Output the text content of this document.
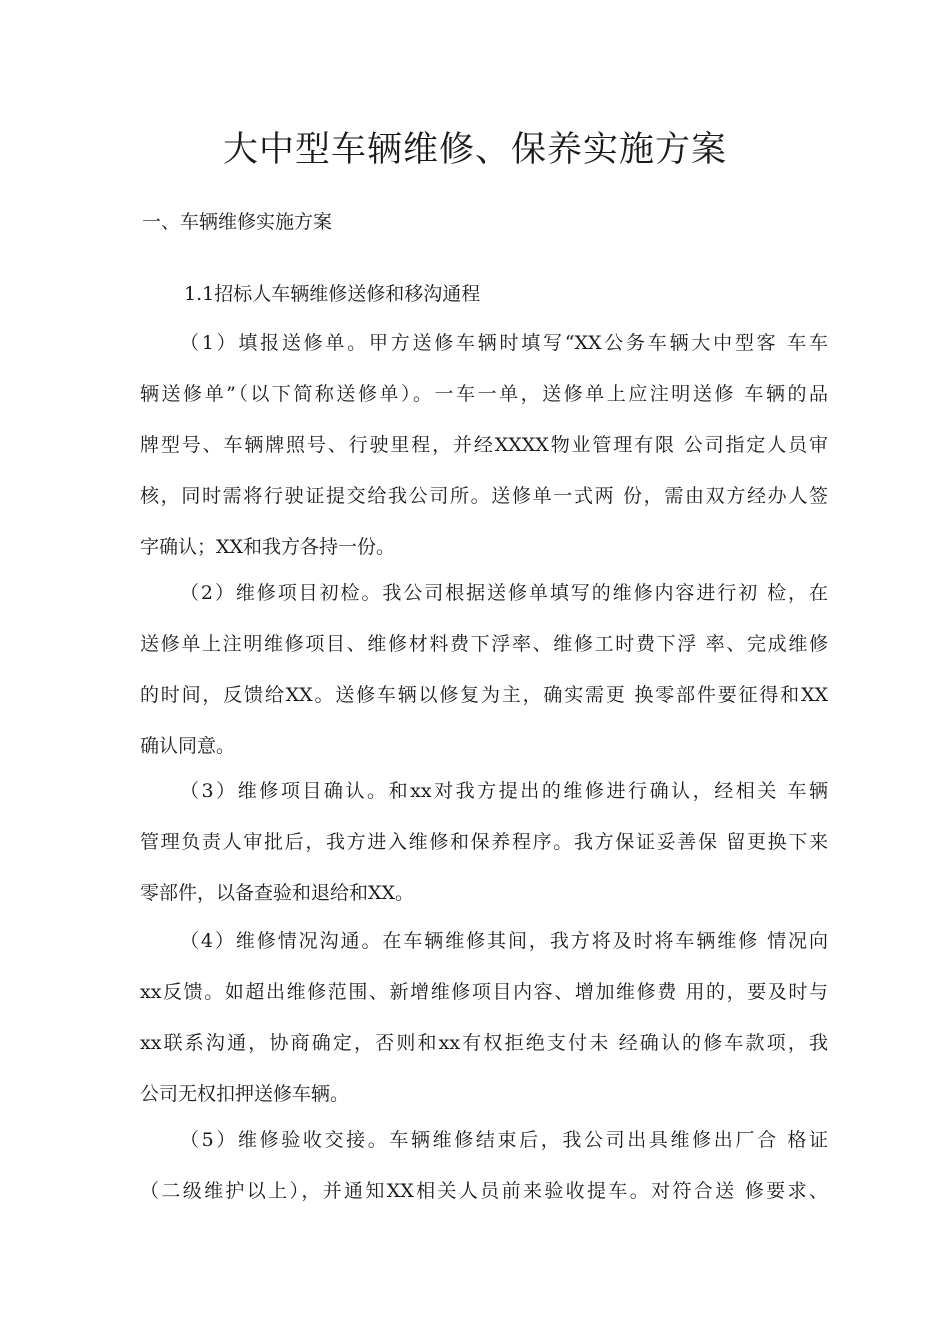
大中型车辆维修、保养实施方案
一、车辆维修实施方案
1.1招标人车辆维修送修和移沟通程
（1）填报送修单。甲方送修车辆时填写“XX公务车辆大中型客 车车
辆送修单”（以下简称送修单）。一车一单，送修单上应注明送修 车辆的品
牌型号、车辆牌照号、行驶里程，并经XXXX物业管理有限 公司指定人员审
核，同时需将行驶证提交给我公司所。送修单一式两 份，需由双方经办人签
字确认；XX和我方各持一份。
（2）维修项目初检。我公司根据送修单填写的维修内容进行初 检，在
送修单上注明维修项目、维修材料费下浮率、维修工时费下浮 率、完成维修
的时间，反馈给XX。送修车辆以修复为主，确实需更 换零部件要征得和XX
确认同意。
（3）维修项目确认。和xx对我方提出的维修进行确认，经相关 车辆
管理负责人审批后，我方进入维修和保养程序。我方保证妥善保 留更换下来
零部件，以备查验和退给和XX。
（4）维修情况沟通。在车辆维修其间，我方将及时将车辆维修 情况向
xx反馈。如超出维修范围、新增维修项目内容、增加维修费 用的，要及时与
xx联系沟通，协商确定，否则和xx有权拒绝支付未 经确认的修车款项，我
公司无权扣押送修车辆。
（5）维修验收交接。车辆维修结束后，我公司出具维修出厂合 格证
（二级维护以上），并通知XX相关人员前来验收提车。对符合送 修要求、
